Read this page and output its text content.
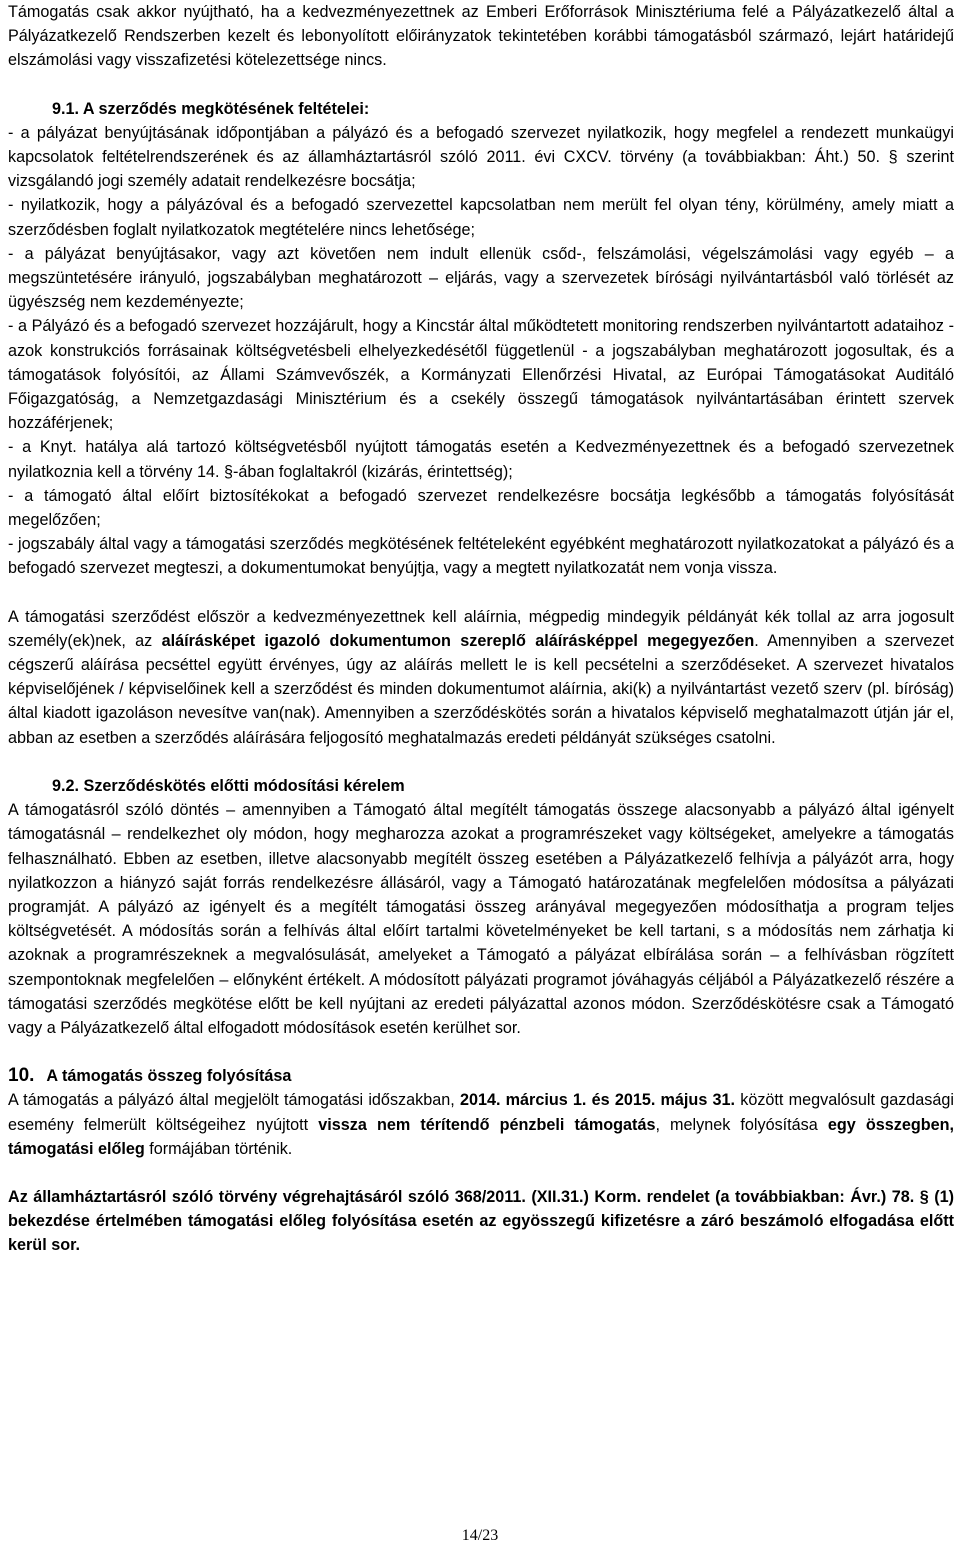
Támogatás csak akkor nyújtható, ha a kedvezményezettnek az Emberi Erőforrások Minisztériuma felé a Pályázatkezelő által a Pályázatkezelő Rendszerben kezelt és lebonyolított előirányzatok tekintetében korábbi támogatásból származó, lejárt határidejű elszámolási vagy visszafizetési kötelezettsége nincs.

9.1. A szerződés megkötésének feltételei:

- a pályázat benyújtásának időpontjában a pályázó és a befogadó szervezet nyilatkozik, hogy megfelel a rendezett munkaügyi kapcsolatok feltételrendszerének és az államháztartásról szóló 2011. évi CXCV. törvény (a továbbiakban: Áht.) 50. § szerint vizsgálandó jogi személy adatait rendelkezésre bocsátja;

- nyilatkozik, hogy a pályázóval és a befogadó szervezettel kapcsolatban nem merült fel olyan tény, körülmény, amely miatt a szerződésben foglalt nyilatkozatok megtételére nincs lehetősége;

- a pályázat benyújtásakor, vagy azt követően nem indult ellenük csőd-, felszámolási, végelszámolási vagy egyéb – a megszüntetésére irányuló, jogszabályban meghatározott – eljárás, vagy a szervezetek bírósági nyilvántartásból való törlését az ügyészség nem kezdeményezte;

- a Pályázó és a befogadó szervezet hozzájárult, hogy a Kincstár által működtetett monitoring rendszerben nyilvántartott adataihoz - azok konstrukciós forrásainak költségvetésbeli elhelyezkedésétől függetlenül - a jogszabályban meghatározott jogosultak, és a támogatások folyósítói, az Állami Számvevőszék, a Kormányzati Ellenőrzési Hivatal, az Európai Támogatásokat Auditáló Főigazgatóság, a Nemzetgazdasági Minisztérium és a csekély összegű támogatások nyilvántartásában érintett szervek hozzáférjenek;

- a Knyt. hatálya alá tartozó költségvetésből nyújtott támogatás esetén a Kedvezményezettnek és a befogadó szervezetnek nyilatkoznia kell a törvény 14. §-ában foglaltakról (kizárás, érintettség);

- a támogató által előírt biztosítékokat a befogadó szervezet rendelkezésre bocsátja legkésőbb a támogatás folyósítását megelőzően;

- jogszabály által vagy a támogatási szerződés megkötésének feltételeként egyébként meghatározott nyilatkozatokat a pályázó és a befogadó szervezet megteszi, a dokumentumokat benyújtja, vagy a megtett nyilatkozatát nem vonja vissza.

A támogatási szerződést először a kedvezményezettnek kell aláírnia, mégpedig mindegyik példányát kék tollal az arra jogosult személy(ek)nek, az aláírásképet igazoló dokumentumon szereplő aláírásképpel megegyezően. Amennyiben a szervezet cégszerű aláírása pecséttel együtt érvényes, úgy az aláírás mellett le is kell pecsételni a szerződéseket. A szervezet hivatalos képviselőjének / képviselőinek kell a szerződést és minden dokumentumot aláírnia, aki(k) a nyilvántartást vezető szerv (pl. bíróság) által kiadott igazoláson nevesítve van(nak). Amennyiben a szerződéskötés során a hivatalos képviselő meghatalmazott útján jár el, abban az esetben a szerződés aláírására feljogosító meghatalmazás eredeti példányát szükséges csatolni.

9.2. Szerződéskötés előtti módosítási kérelem

A támogatásról szóló döntés – amennyiben a Támogató által megítélt támogatás összege alacsonyabb a pályázó által igényelt támogatásnál – rendelkezhet oly módon, hogy megharozza azokat a programrészeket vagy költségeket, amelyekre a támogatás felhasználható. Ebben az esetben, illetve alacsonyabb megítélt összeg esetében a Pályázatkezelő felhívja a pályázót arra, hogy nyilatkozzon a hiányzó saját forrás rendelkezésre állásáról, vagy a Támogató határozatának megfelelően módosítsa a pályázati programját. A pályázó az igényelt és a megítélt támogatási összeg arányával megegyezően módosíthatja a program teljes költségvetését. A módosítás során a felhívás által előírt tartalmi követelményeket be kell tartani, s a módosítás nem zárhatja ki azoknak a programrészeknek a megvalósulását, amelyeket a Támogató a pályázat elbírálása során – a felhívásban rögzített szempontoknak megfelelően – előnyként értékelt. A módosított pályázati programot jóváhagyás céljából a Pályázatkezelő részére a támogatási szerződés megkötése előtt be kell nyújtani az eredeti pályázattal azonos módon. Szerződéskötésre csak a Támogató vagy a Pályázatkezelő által elfogadott módosítások esetén kerülhet sor.

10. A támogatás összeg folyósítása

A támogatás a pályázó által megjelölt támogatási időszakban, 2014. március 1. és 2015. május 31. között megvalósult gazdasági esemény felmerült költségeihez nyújtott vissza nem térítendő pénzbeli támogatás, melynek folyósítása egy összegben, támogatási előleg formájában történik.

Az államháztartásról szóló törvény végrehajtásáról szóló 368/2011. (XII.31.) Korm. rendelet (a továbbiakban: Ávr.) 78. § (1) bekezdése értelmében támogatási előleg folyósítása esetén az egyösszegű kifizetésre a záró beszámoló elfogadása előtt kerül sor.

14/23
